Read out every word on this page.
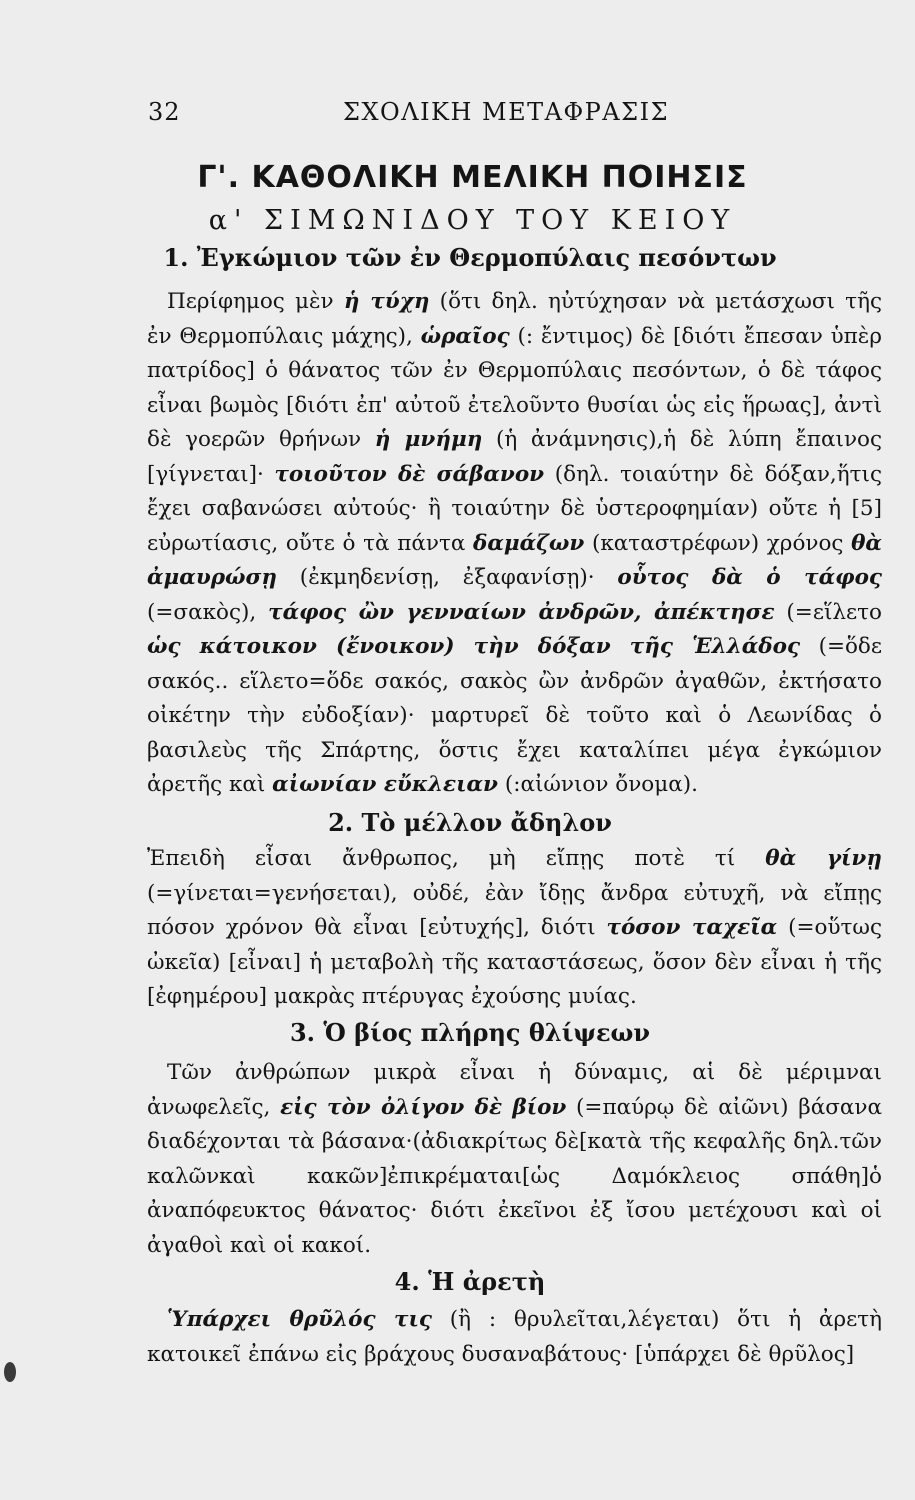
32	ΣΧΟΛΙΚΗ ΜΕΤΑΦΡΑΣΙΣ
Γ'. ΚΑΘΟΛΙΚΗ ΜΕΛΙΚΗ ΠΟΙΗΣΙΣ
α' ΣΙΜΩΝΙΔΟΥ ΤΟΥ ΚΕΙΟΥ
1. Ἐγκώμιον τῶν ἐν Θερμοπύλαις πεσόντων
Περίφημος μὲν ἡ τύχη (ὅτι δηλ. ηὐτύχησαν νὰ μετάσχωσι τῆς ἐν Θερμοπύλαις μάχης), ὡραῖος (: ἔντιμος) δὲ [διότι ἔπεσαν ὑπὲρ πατρίδος] ὁ θάνατος τῶν ἐν Θερμοπύλαις πεσόντων, ὁ δὲ τάφος εἶναι βωμὸς [διότι ἐπ' αὐτοῦ ἐτελοῦντο θυσίαι ὡς εἰς ἥρωας], ἀντὶ δὲ γοερῶν θρήνων ἡ μνήμη (ἡ ἀνάμνησις),ἡ δὲ λύπη ἔπαινος [γίγνεται]· τοιοῦτον δὲ σάβανον (δηλ. τοιαύτην δὲ δόξαν,ἥτις ἔχει σαβανώσει αὐτούς· ἢ τοιαύτην δὲ ὑστεροφημίαν) οὔτε ἡ [5] εὐρωτίασις, οὔτε ὁ τὰ πάντα δαμάζων (καταστρέφων) χρόνος θὰ ἀμαυρώσῃ (ἐκμηδενίσῃ, ἐξαφανίσῃ)· οὗτος δὰ ὁ τάφος (=σακὸς), τάφος ὢν γενναίων ἀνδρῶν, ἀπέκτησε (=εἵλετο ὡς κάτοικον (ἔνοικον) τὴν δόξαν τῆς Ἑλλάδος (=ὅδε σακός.. εἵλετο=ὅδε σακός, σακὸς ὢν ἀνδρῶν ἀγαθῶν, ἐκτήσατο οἰκέτην τὴν εὐδοξίαν)· μαρτυρεῖ δὲ τοῦτο καὶ ὁ Λεωνίδας ὁ βασιλεὺς τῆς Σπάρτης, ὅστις ἔχει καταλίπει μέγα ἐγκώμιον ἀρετῆς καὶ αἰωνίαν εὔκλειαν (:αἰώνιον ὄνομα).
2. Τὸ μέλλον ἄδηλον
Ἐπειδὴ εἶσαι ἄνθρωπος, μὴ εἴπῃς ποτὲ τί θὰ γίνῃ (=γίνεται=γενήσεται), οὐδέ, ἐὰν ἴδῃς ἄνδρα εὐτυχῆ, νὰ εἴπῃς πόσον χρόνον θὰ εἶναι [εὐτυχής], διότι τόσον ταχεῖα (=οὕτως ὠκεῖα) [εἶναι] ἡ μεταβολὴ τῆς καταστάσεως, ὅσον δὲν εἶναι ἡ τῆς [ἐφημέρου] μακρὰς πτέρυγας ἐχούσης μυίας.
3. Ὁ βίος πλήρης θλίψεων
Τῶν ἀνθρώπων μικρὰ εἶναι ἡ δύναμις, αἱ δὲ μέριμναι ἀνωφελεῖς, εἰς τὸν ὀλίγον δὲ βίον (=παύρῳ δὲ αἰῶνι) βάσανα διαδέχονται τὰ βάσανα·(ἀδιακρίτως δὲ[κατὰ τῆς κεφαλῆς δηλ.τῶν καλῶνκαὶ κακῶν]ἐπικρέμαται[ὡς Δαμόκλειος σπάθη]ὁ ἀναπόφευκτος θάνατος· διότι ἐκεῖνοι ἐξ ἴσου μετέχουσι καὶ οἱ ἀγαθοὶ καὶ οἱ κακοί.
4. Ἡ ἀρετὴ
Ὑπάρχει θρῦλός τις (ἢ : θρυλεῖται,λέγεται) ὅτι ἡ ἀρετὴ κατοικεῖ ἐπάνω εἰς βράχους δυσαναβάτους· [ὑπάρχει δὲ θρῦλος]
